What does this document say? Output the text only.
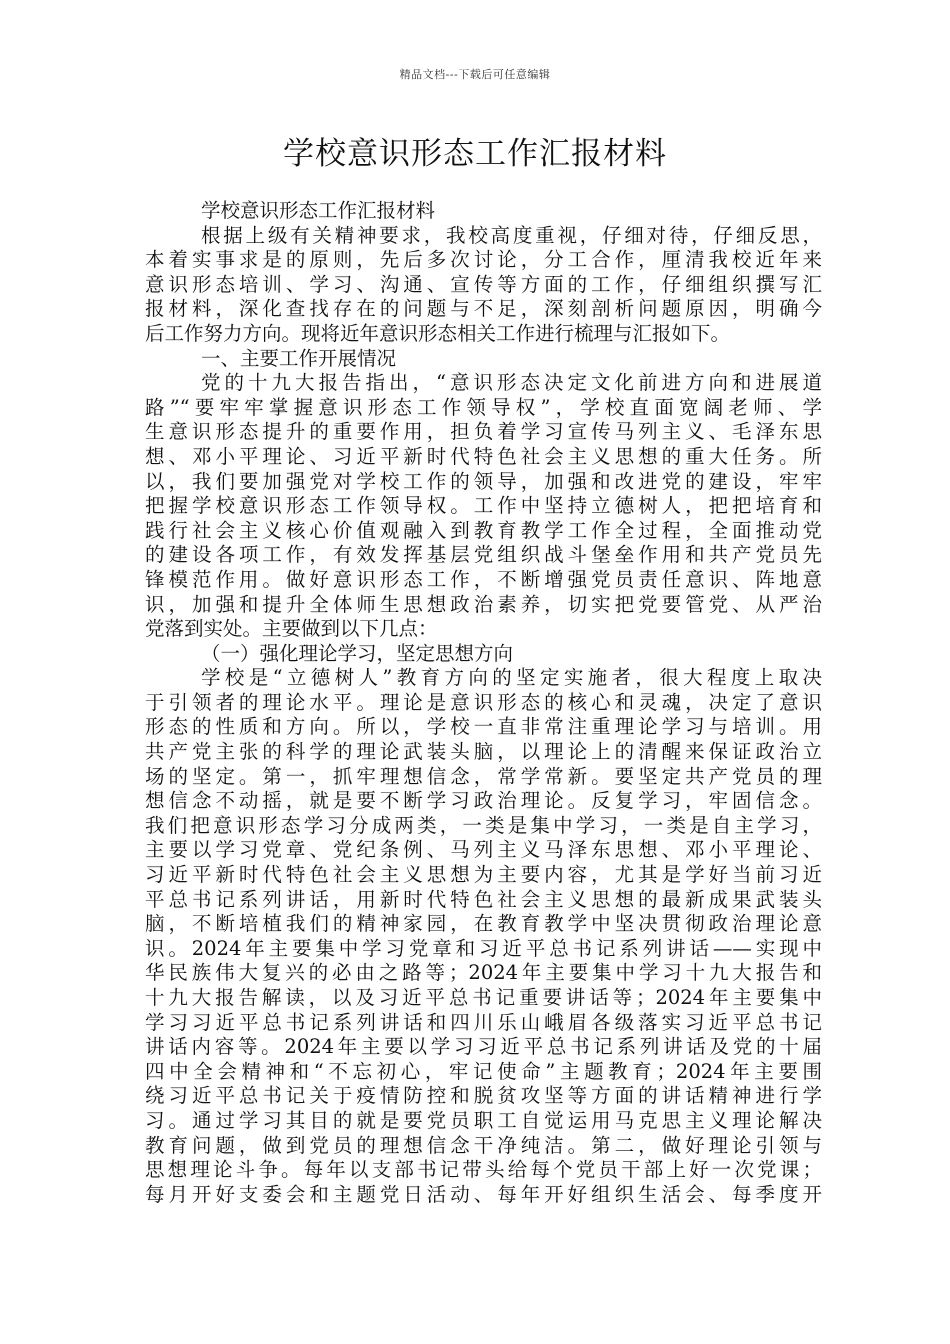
精品文档---下载后可任意编辑
学校意识形态工作汇报材料
学校意识形态工作汇报材料
根据上级有关精神要求，我校高度重视，仔细对待，仔细反思，
本着实事求是的原则，先后多次讨论，分工合作，厘清我校近年来
意识形态培训、学习、沟通、宣传等方面的工作，仔细组织撰写汇
报材料，深化查找存在的问题与不足，深刻剖析问题原因，明确今
后工作努力方向。现将近年意识形态相关工作进行梳理与汇报如下。
一、主要工作开展情况
党的十九大报告指出，“意识形态决定文化前进方向和进展道
路”“要牢牢掌握意识形态工作领导权”，学校直面宽阔老师、学
生意识形态提升的重要作用，担负着学习宣传马列主义、毛泽东思
想、邓小平理论、习近平新时代特色社会主义思想的重大任务。所
以，我们要加强党对学校工作的领导，加强和改进党的建设，牢牢
把握学校意识形态工作领导权。工作中坚持立德树人，把把培育和
践行社会主义核心价值观融入到教育教学工作全过程，全面推动党
的建设各项工作，有效发挥基层党组织战斗堡垒作用和共产党员先
锋模范作用。做好意识形态工作，不断增强党员责任意识、阵地意
识，加强和提升全体师生思想政治素养，切实把党要管党、从严治
党落到实处。主要做到以下几点：
（一）强化理论学习，坚定思想方向
学校是“立德树人”教育方向的坚定实施者，很大程度上取决
于引领者的理论水平。理论是意识形态的核心和灵魂，决定了意识
形态的性质和方向。所以，学校一直非常注重理论学习与培训。用
共产党主张的科学的理论武装头脑，以理论上的清醒来保证政治立
场的坚定。第一，抓牢理想信念，常学常新。要坚定共产党员的理
想信念不动摇，就是要不断学习政治理论。反复学习，牢固信念。
我们把意识形态学习分成两类，一类是集中学习，一类是自主学习，
主要以学习党章、党纪条例、马列主义马泽东思想、邓小平理论、
习近平新时代特色社会主义思想为主要内容，尤其是学好当前习近
平总书记系列讲话，用新时代特色社会主义思想的最新成果武装头
脑，不断培植我们的精神家园，在教育教学中坚决贯彻政治理论意
识。2024年主要集中学习党章和习近平总书记系列讲话——实现中
华民族伟大复兴的必由之路等；2024年主要集中学习十九大报告和
十九大报告解读，以及习近平总书记重要讲话等；2024年主要集中
学习习近平总书记系列讲话和四川乐山峨眉各级落实习近平总书记
讲话内容等。2024年主要以学习习近平总书记系列讲话及党的十届
四中全会精神和“不忘初心，牢记使命”主题教育；2024年主要围
绕习近平总书记关于疫情防控和脱贫攻坚等方面的讲话精神进行学
习。通过学习其目的就是要党员职工自觉运用马克思主义理论解决
教育问题，做到党员的理想信念干净纯洁。第二，做好理论引领与
思想理论斗争。每年以支部书记带头给每个党员干部上好一次党课；
每月开好支委会和主题党日活动、每年开好组织生活会、每季度开
